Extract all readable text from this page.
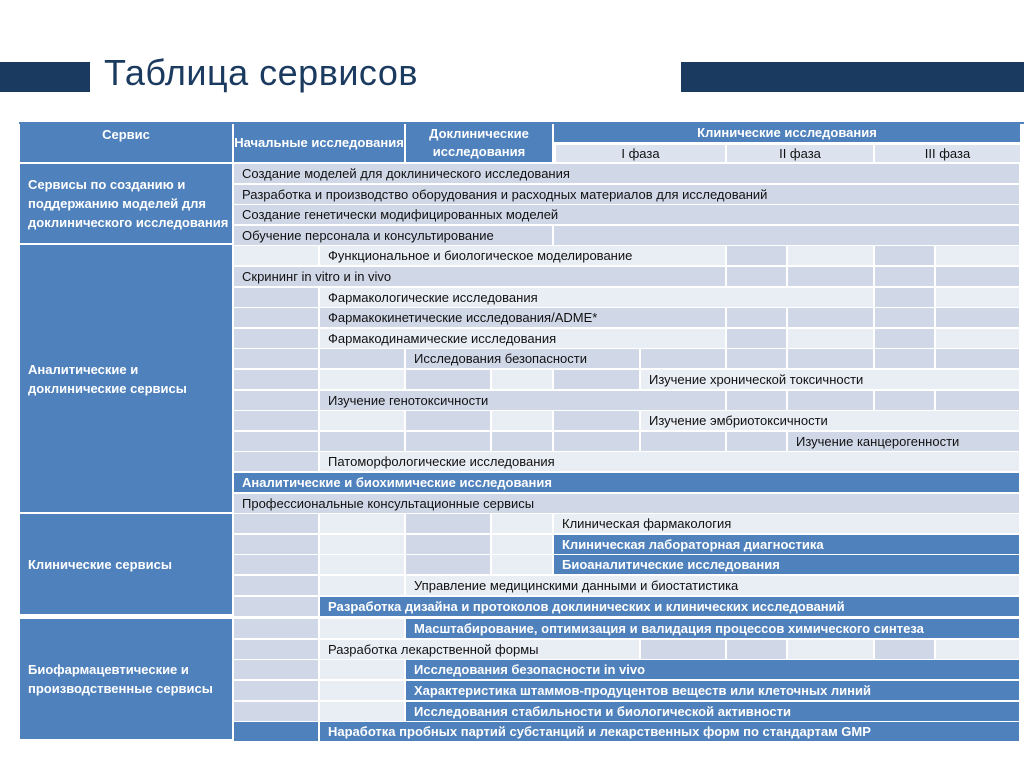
Таблица сервисов
Сервис
Начальные исследования
Доклинические исследования
Клинические исследования
I фаза	II фаза	III фаза
Сервисы по созданию и поддержанию моделей для доклинического исследования
Аналитические и доклинические сервисы
Клинические сервисы
Биофармацевтические и производственные сервисы
Создание моделей для доклинического исследования
Разработка и производство оборудования и расходных материалов для исследований
Создание генетически модифицированных моделей
Обучение персонала и консультирование
Функциональное и биологическое моделирование
Скрининг in vitro и in vivo
Фармакологические исследования
Фармакокинетические исследования/ADME*
Фармакодинамические исследования
Исследования безопасности
Изучение хронической токсичности
Изучение генотоксичности
Изучение эмбриотоксичности
Изучение канцерогенности
Патоморфологические исследования
Аналитические и биохимические исследования
Профессиональные консультационные сервисы
Клиническая фармакология
Клиническая лабораторная диагностика
Биоаналитические исследования
Управление медицинскими данными и биостатистика
Разработка дизайна и протоколов доклинических и клинических исследований
Масштабирование, оптимизация и валидация процессов химического синтеза
Разработка лекарственной формы
Исследования безопасности in vivo
Характеристика штаммов-продуцентов веществ или клеточных линий
Исследования стабильности и биологической активности
Наработка пробных партий субстанций и лекарственных форм по стандартам GMP
